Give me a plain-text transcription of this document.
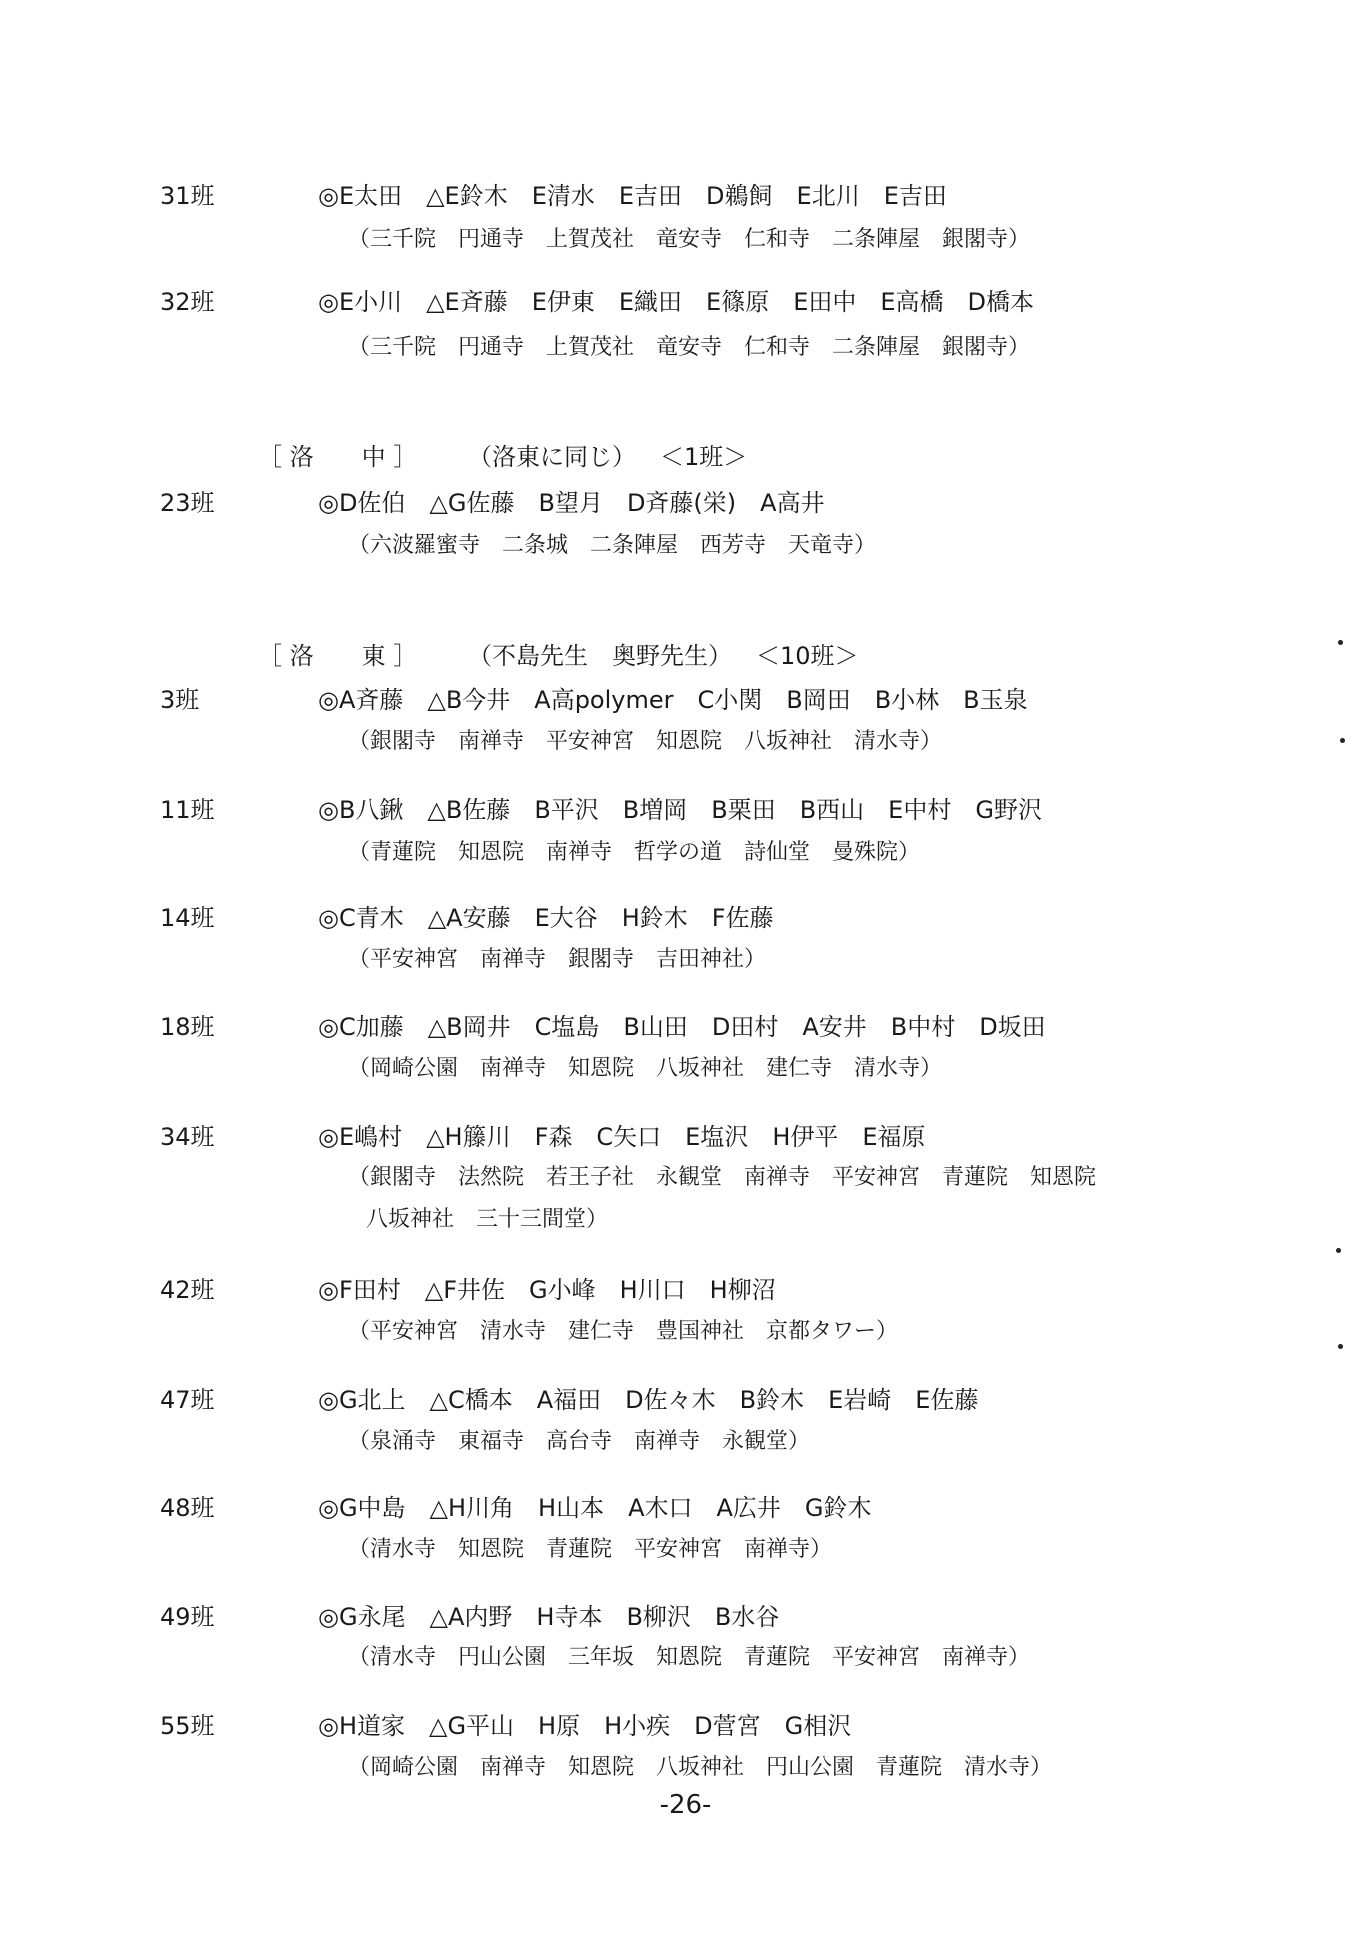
31班	◎E太田　△E鈴木　E清水　E吉田　D鵜飼　E北川　E吉田
（三千院　円通寺　上賀茂社　竜安寺　仁和寺　二条陣屋　銀閣寺）
32班	◎E小川　△E斉藤　E伊東　E織田　E篠原　E田中　E高橋　D橋本
（三千院　円通寺　上賀茂社　竜安寺　仁和寺　二条陣屋　銀閣寺）
［ 洛　　中 ］ （洛東に同じ） ＜1班＞
23班	◎D佐伯　△G佐藤　B望月　D斉藤(栄)　A高井
（六波羅蜜寺　二条城　二条陣屋　西芳寺　天竜寺）
［ 洛　　東 ］ （不島先生　奥野先生） ＜10班＞
3班	◎A斉藤　△B今井　A高polymer　C小関　B岡田　B小林　B玉泉
（銀閣寺　南禅寺　平安神宮　知恩院　八坂神社　清水寺）
11班	◎B八鍬　△B佐藤　B平沢　B増岡　B栗田　B西山　E中村　G野沢
（青蓮院　知恩院　南禅寺　哲学の道　詩仙堂　曼殊院）
14班	◎C青木　△A安藤　E大谷　H鈴木　F佐藤
（平安神宮　南禅寺　銀閣寺　吉田神社）
18班	◎C加藤　△B岡井　C塩島　B山田　D田村　A安井　B中村　D坂田
（岡崎公園　南禅寺　知恩院　八坂神社　建仁寺　清水寺）
34班	◎E嶋村　△H籐川　F森　C矢口　E塩沢　H伊平　E福原
（銀閣寺　法然院　若王子社　永観堂　南禅寺　平安神宮　青蓮院　知恩院
八坂神社　三十三間堂）
42班	◎F田村　△F井佐　G小峰　H川口　H柳沼
（平安神宮　清水寺　建仁寺　豊国神社　京都タワー）
47班	◎G北上　△C橋本　A福田　D佐々木　B鈴木　E岩崎　E佐藤
（泉涌寺　東福寺　高台寺　南禅寺　永観堂）
48班	◎G中島　△H川角　H山本　A木口　A広井　G鈴木
（清水寺　知恩院　青蓮院　平安神宮　南禅寺）
49班	◎G永尾　△A内野　H寺本　B柳沢　B水谷
（清水寺　円山公園　三年坂　知恩院　青蓮院　平安神宮　南禅寺）
55班	◎H道家　△G平山　H原　H小疾　D菅宮　G相沢
（岡崎公園　南禅寺　知恩院　八坂神社　円山公園　青蓮院　清水寺）
-26-
